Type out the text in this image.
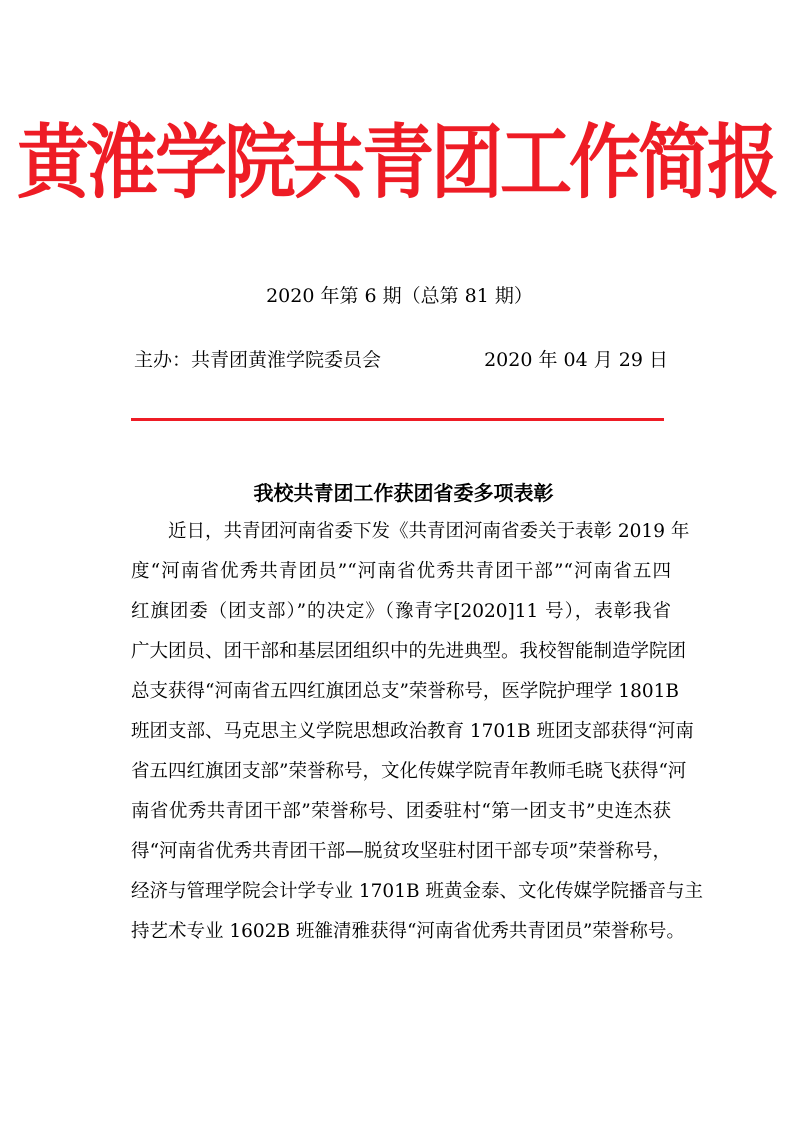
黄淮学院共青团工作简报
2020 年第 6 期（总第 81 期）
主办：共青团黄淮学院委员会	2020 年 04 月 29 日
我校共青团工作获团省委多项表彰
近日，共青团河南省委下发《共青团河南省委关于表彰 2019 年
度“河南省优秀共青团员”“河南省优秀共青团干部”“河南省五四
红旗团委（团支部）”的决定》（豫青字[2020]11 号），表彰我省
广大团员、团干部和基层团组织中的先进典型。我校智能制造学院团
总支获得“河南省五四红旗团总支”荣誉称号，医学院护理学 1801B
班团支部、马克思主义学院思想政治教育 1701B 班团支部获得“河南
省五四红旗团支部”荣誉称号，文化传媒学院青年教师毛晓飞获得“河
南省优秀共青团干部”荣誉称号、团委驻村“第一团支书”史连杰获
得“河南省优秀共青团干部—脱贫攻坚驻村团干部专项”荣誉称号，
经济与管理学院会计学专业 1701B 班黄金泰、文化传媒学院播音与主
持艺术专业 1602B 班雒清雅获得“河南省优秀共青团员”荣誉称号。
